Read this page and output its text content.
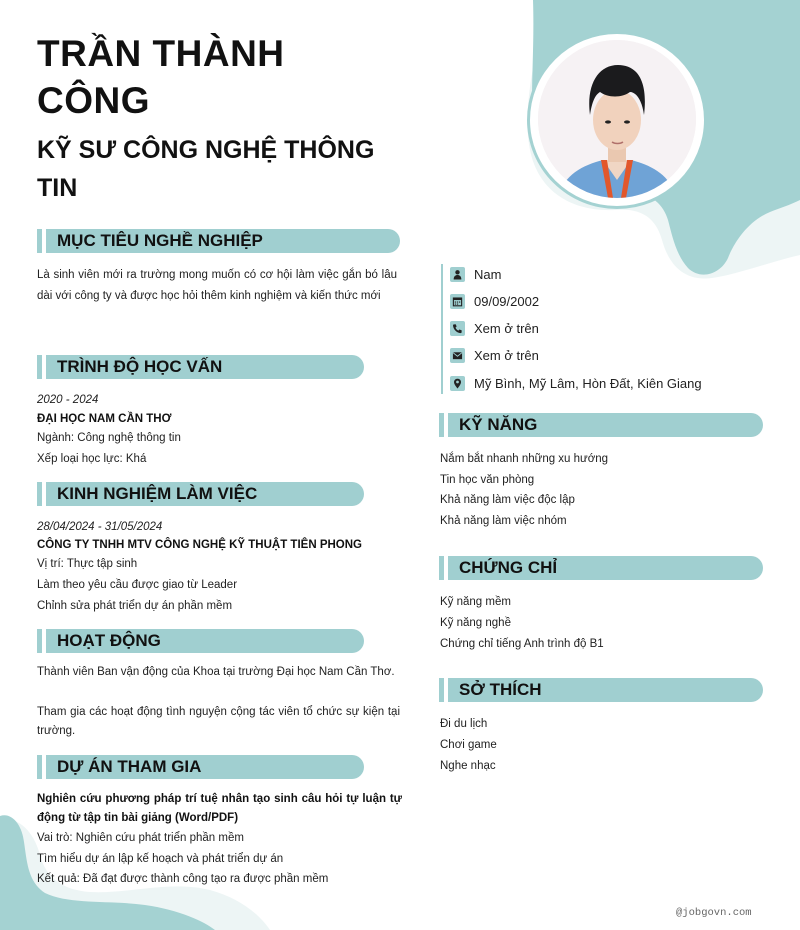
TRẦN THÀNH CÔNG
KỸ SƯ CÔNG NGHỆ THÔNG TIN
MỤC TIÊU NGHỀ NGHIỆP
Là sinh viên mới ra trường mong muốn có cơ hội làm việc gắn bó lâu dài với công ty và được học hỏi thêm kinh nghiệm và kiến thức mới
TRÌNH ĐỘ HỌC VẤN
2020 - 2024
ĐẠI HỌC NAM CẦN THƠ
Ngành: Công nghệ thông tin
Xếp loại học lực: Khá
KINH NGHIỆM LÀM VIỆC
28/04/2024 - 31/05/2024
CÔNG TY TNHH MTV CÔNG NGHỆ KỸ THUẬT TIÊN PHONG
Vị trí: Thực tập sinh
Làm theo yêu cầu được giao từ Leader
Chỉnh sửa phát triển dự án phần mềm
HOẠT ĐỘNG
Thành viên Ban vận động của Khoa tại trường Đại học Nam Cần Thơ.
Tham gia các hoạt động tình nguyện cộng tác viên tổ chức sự kiện tại trường.
DỰ ÁN THAM GIA
Nghiên cứu phương pháp trí tuệ nhân tạo sinh câu hỏi tự luận tự động từ tập tin bài giảng (Word/PDF)
Vai trò: Nghiên cứu phát triển phần mềm
Tìm hiểu dự án lập kế hoạch và phát triển dự án
Kết quả: Đã đạt được thành công tạo ra được phần mềm
Nam
09/09/2002
Xem ở trên
Xem ở trên
Mỹ Bình, Mỹ Lâm, Hòn Đất, Kiên Giang
KỸ NĂNG
Nắm bắt nhanh những xu hướng
Tin học văn phòng
Khả năng làm việc độc lập
Khả năng làm việc nhóm
CHỨNG CHỈ
Kỹ năng mềm
Kỹ năng nghề
Chứng chỉ tiếng Anh trình độ B1
SỞ THÍCH
Đi du lịch
Chơi game
Nghe nhạc
@jobgovn.com
